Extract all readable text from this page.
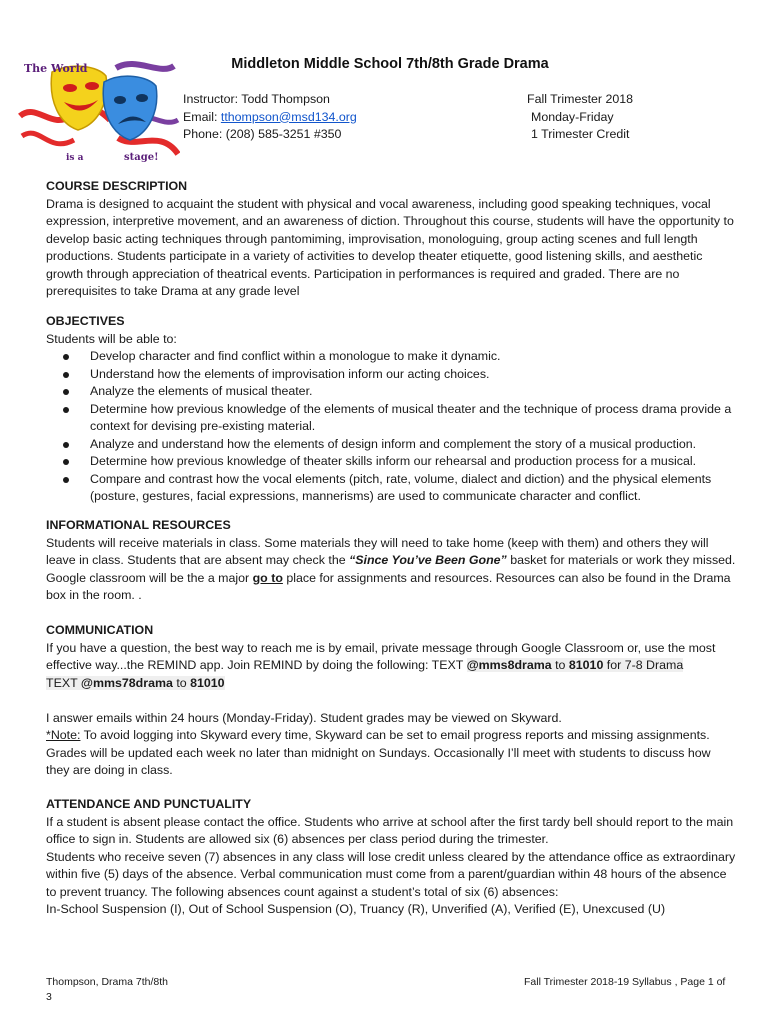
The World
is a	stage!
Middleton Middle School 7th/8th Grade Drama
Instructor: Todd Thompson
Email: tthompson@msd134.org
Phone: (208) 585-3251 #350
Fall Trimester 2018
Monday-Friday
1 Trimester Credit
COURSE DESCRIPTION
Drama is designed to acquaint the student with physical and vocal awareness, including good speaking techniques, vocal expression, interpretive movement, and an awareness of diction. Throughout this course, students will have the opportunity to develop basic acting techniques through pantomiming, improvisation, monologuing, group acting scenes and full length productions. Students participate in a variety of activities to develop theater etiquette, good listening skills, and aesthetic growth through appreciation of theatrical events. Participation in performances is required and graded. There are no prerequisites to take Drama at any grade level
OBJECTIVES
Students will be able to:
Develop character and find conflict within a monologue to make it dynamic.
Understand how the elements of improvisation inform our acting choices.
Analyze the elements of musical theater.
Determine how previous knowledge of the elements of musical theater and the technique of process drama provide a context for devising pre-existing material.
Analyze and understand how the elements of design inform and complement the story of a musical production.
Determine how previous knowledge of theater skills inform our rehearsal and production process for a musical.
Compare and contrast how the vocal elements (pitch, rate, volume, dialect and diction) and the physical elements (posture, gestures, facial expressions, mannerisms) are used to communicate character and conflict.
INFORMATIONAL RESOURCES
Students will receive materials in class. Some materials they will need to take home (keep with them) and others they will leave in class. Students that are absent may check the “Since You’ve Been Gone” basket for materials or work they missed. Google classroom will be the a major go to place for assignments and resources. Resources can also be found in the Drama box in the room. .
COMMUNICATION
If you have a question, the best way to reach me is by email, private message through Google Classroom or, use the most effective way...the REMIND app. Join REMIND by doing the following: TEXT @mms8drama to 81010 for 7-8 Drama
TEXT @mms78drama to 81010
I answer emails within 24 hours (Monday-Friday). Student grades may be viewed on Skyward.
*Note: To avoid logging into Skyward every time, Skyward can be set to email progress reports and missing assignments. Grades will be updated each week no later than midnight on Sundays. Occasionally I’ll meet with students to discuss how they are doing in class.
ATTENDANCE AND PUNCTUALITY
If a student is absent please contact the office. Students who arrive at school after the first tardy bell should report to the main office to sign in. Students are allowed six (6) absences per class period during the trimester.
Students who receive seven (7) absences in any class will lose credit unless cleared by the attendance office as extraordinary within five (5) days of the absence. Verbal communication must come from a parent/guardian within 48 hours of the absence to prevent truancy. The following absences count against a student’s total of six (6) absences:
In-School Suspension (I), Out of School Suspension (O), Truancy (R), Unverified (A), Verified (E), Unexcused (U)
Thompson, Drama 7th/8th
3
Fall Trimester 2018-19 Syllabus , Page 1 of
